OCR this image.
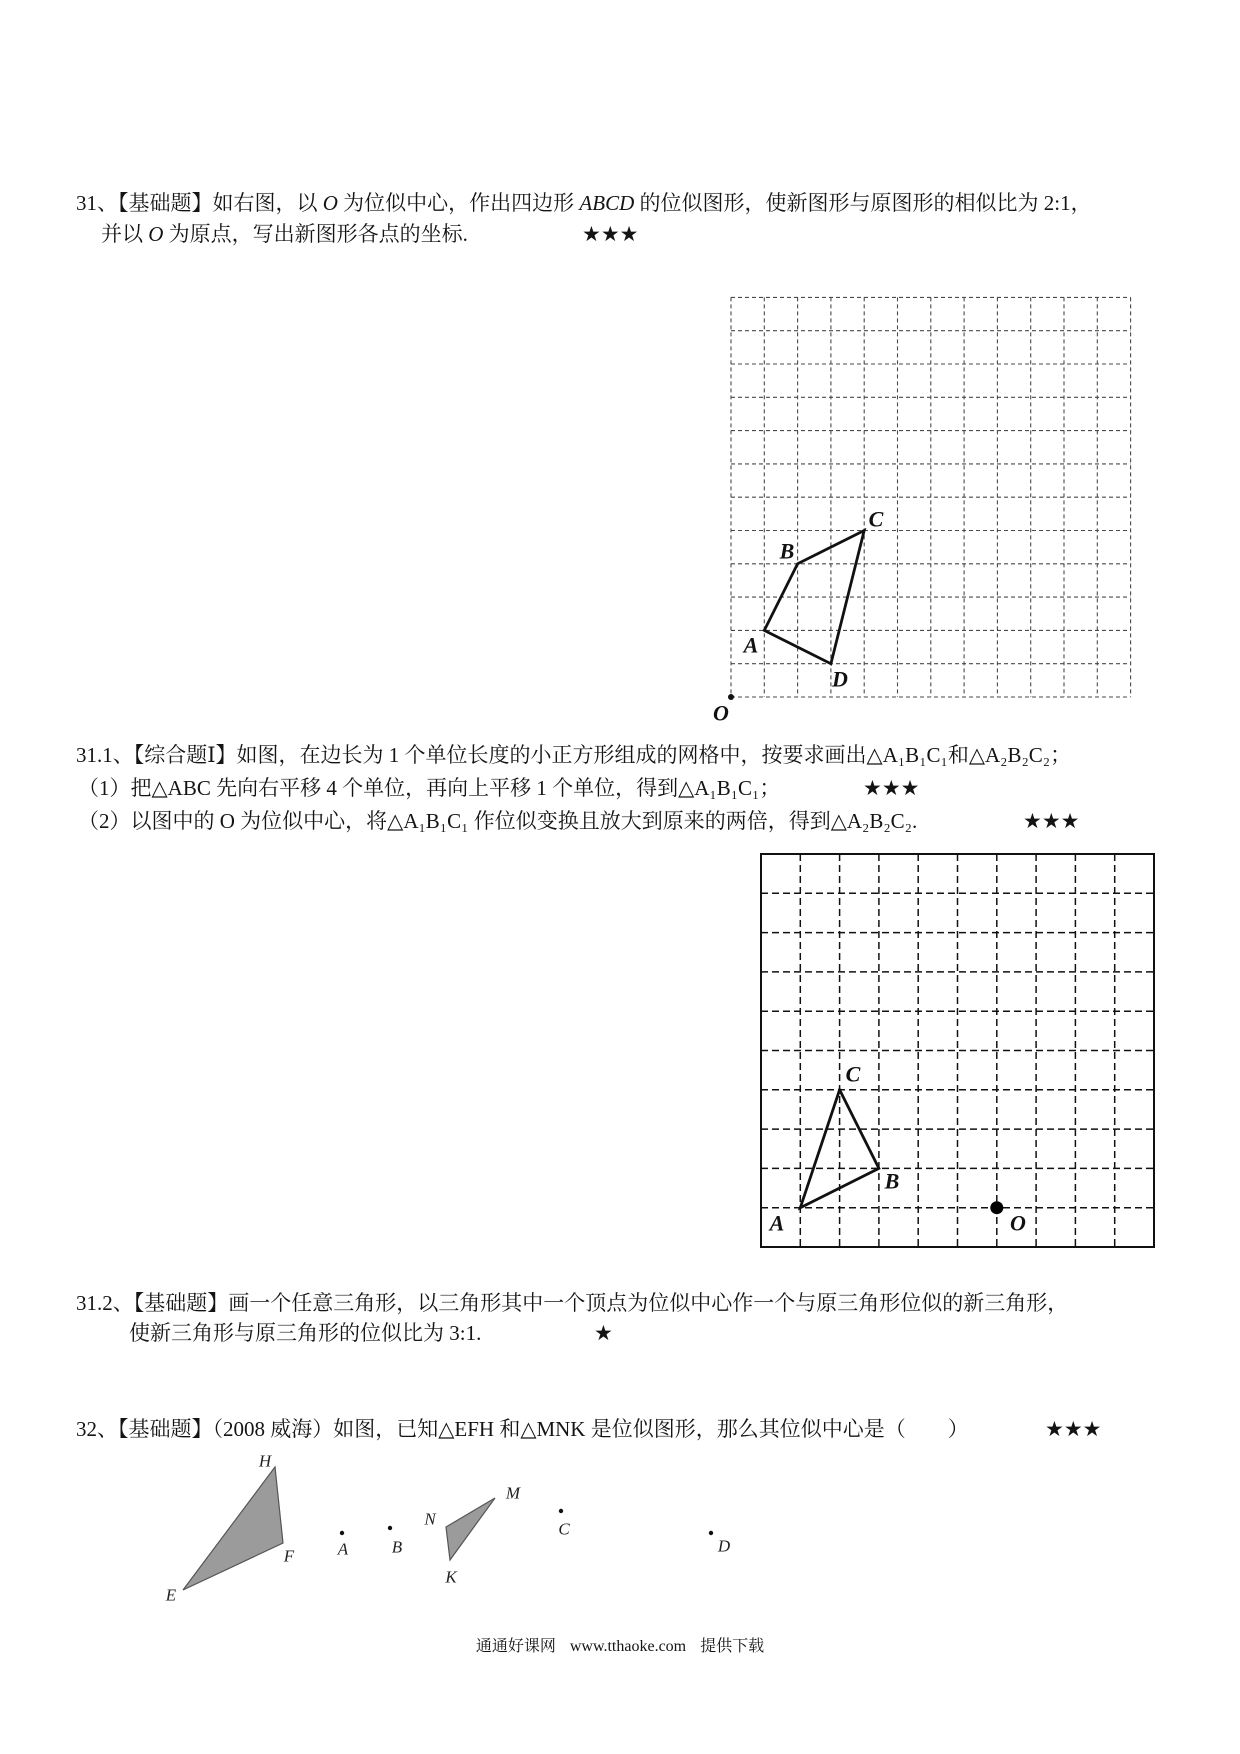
31、【基础题】如右图，以 O 为位似中心，作出四边形 ABCD 的位似图形，使新图形与原图形的相似比为 2:1，
并以 O 为原点，写出新图形各点的坐标.	★★★
31.1、【综合题Ⅰ】如图，在边长为 1 个单位长度的小正方形组成的网格中，按要求画出△A₁B₁C₁和△A₂B₂C₂；
（1）把△ABC 先向右平移 4 个单位，再向上平移 1 个单位，得到△A₁B₁C₁；	★★★
（2）以图中的 O 为位似中心，将△A₁B₁C₁ 作位似变换且放大到原来的两倍，得到△A₂B₂C₂.	★★★
31.2、【基础题】画一个任意三角形，以三角形其中一个顶点为位似中心作一个与原三角形位似的新三角形，
使新三角形与原三角形的位似比为 3:1.	★
32、【基础题】（2008 威海）如图，已知△EFH 和△MNK 是位似图形，那么其位似中心是（　　）	★★★
A
B
C
D
O
A
B
C
O
H
F
E
M
N
K
A	B
C
D
通通好课网 www.tthaoke.com 提供下载
